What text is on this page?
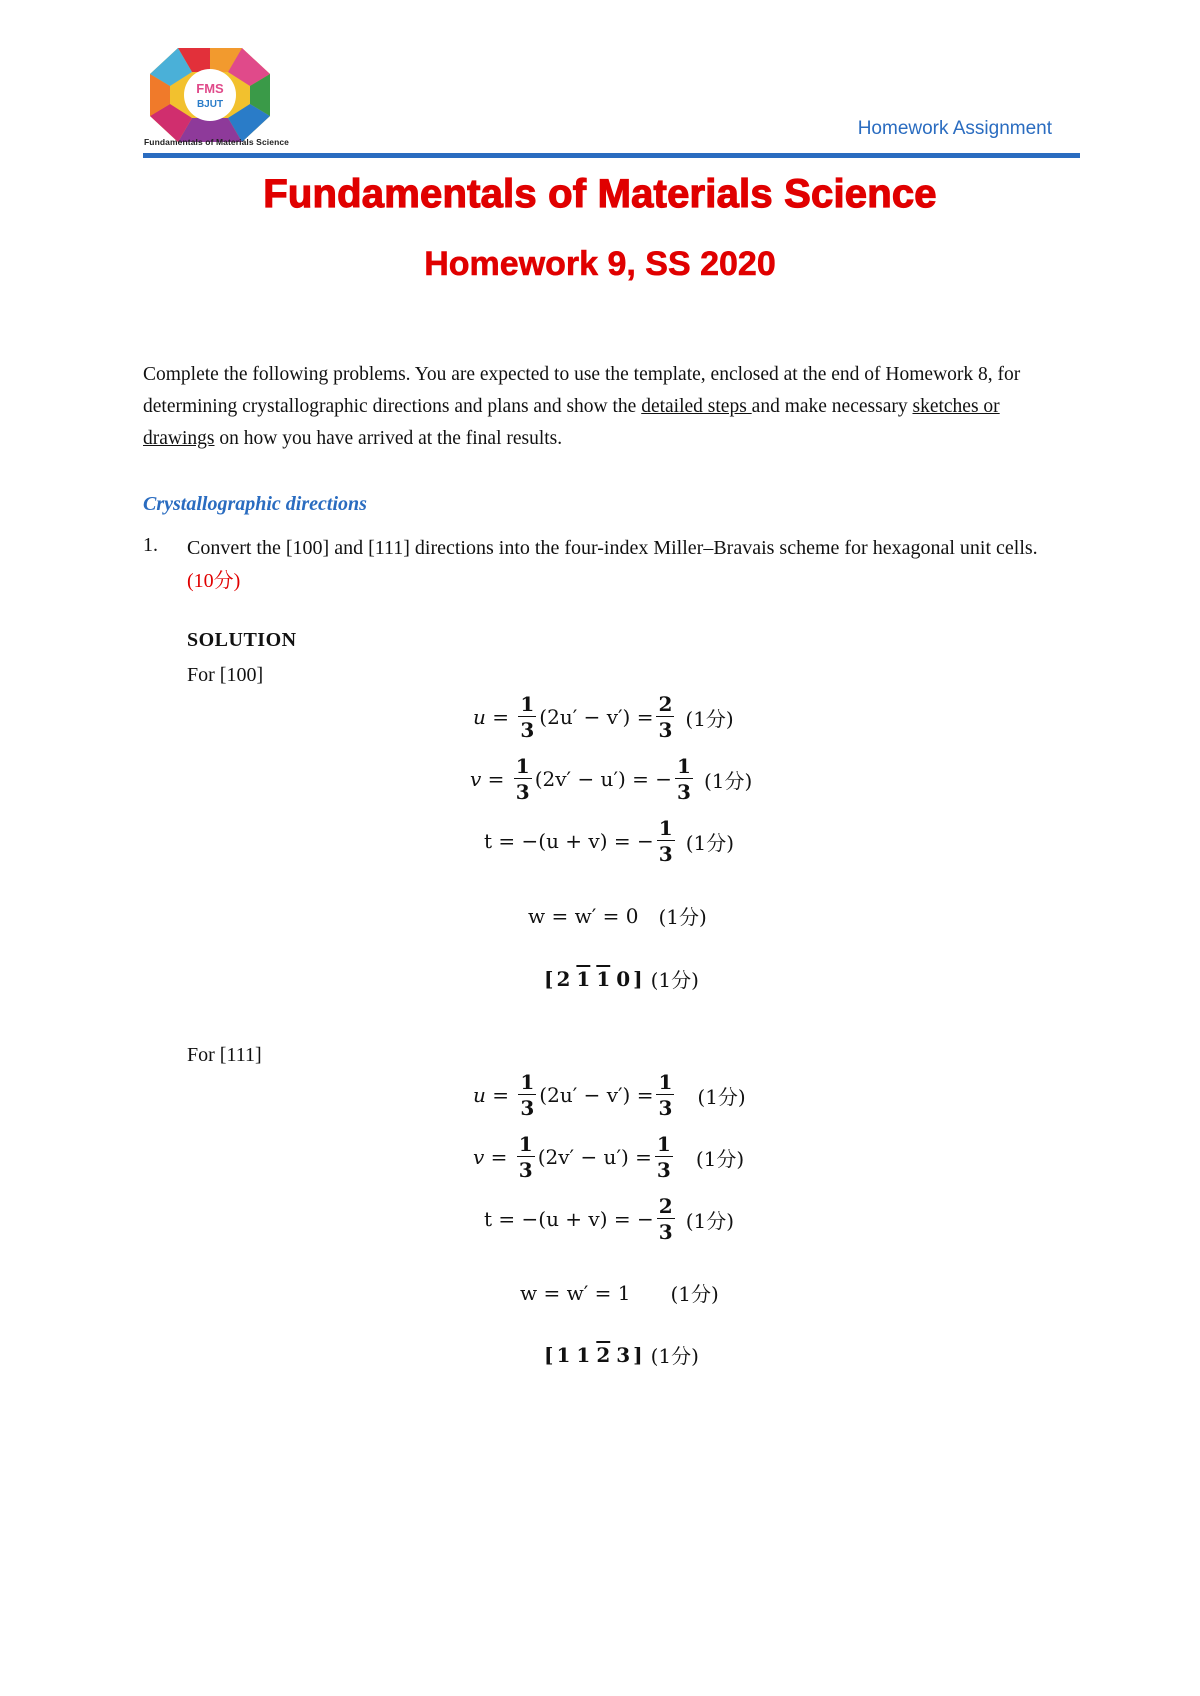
FMS
BJUT
Fundamentals of Materials Science
Homework Assignment
Fundamentals of Materials Science
Homework 9, SS 2020
Complete the following problems. You are expected to use the template, enclosed at the end of Homework 8, for determining crystallographic directions and plans and show the detailed steps and make necessary sketches or drawings on how you have arrived at the final results.
Crystallographic directions
1. Convert the [100] and [111] directions into the four-index Miller–Bravais scheme for hexagonal unit cells. (10分)
SOLUTION
For [100]
$u = \frac{1}{3} (2u' - v') = \frac{2}{3} (1$分)
$v = \frac{1}{3} (2v' - u')$ =
− $\frac{1}{3} (1$分)
t = −(u + v) =
− $\frac{1}{3} (1$分)
w = w′ = 0 (1分)
[ 2 1 1 0 ] (1分)
For [111]
$u = \frac{1}{3} (2u' - v') = \frac{1}{3} (1$分)
$v = \frac{1}{3} (2v' - u') = \frac{1}{3} (1$分)
t = −(u + v) =
− $\frac{2}{3} (1$分)
w = w′ = 1 (1分)
[ 1 1 2 3 ] (1分)
